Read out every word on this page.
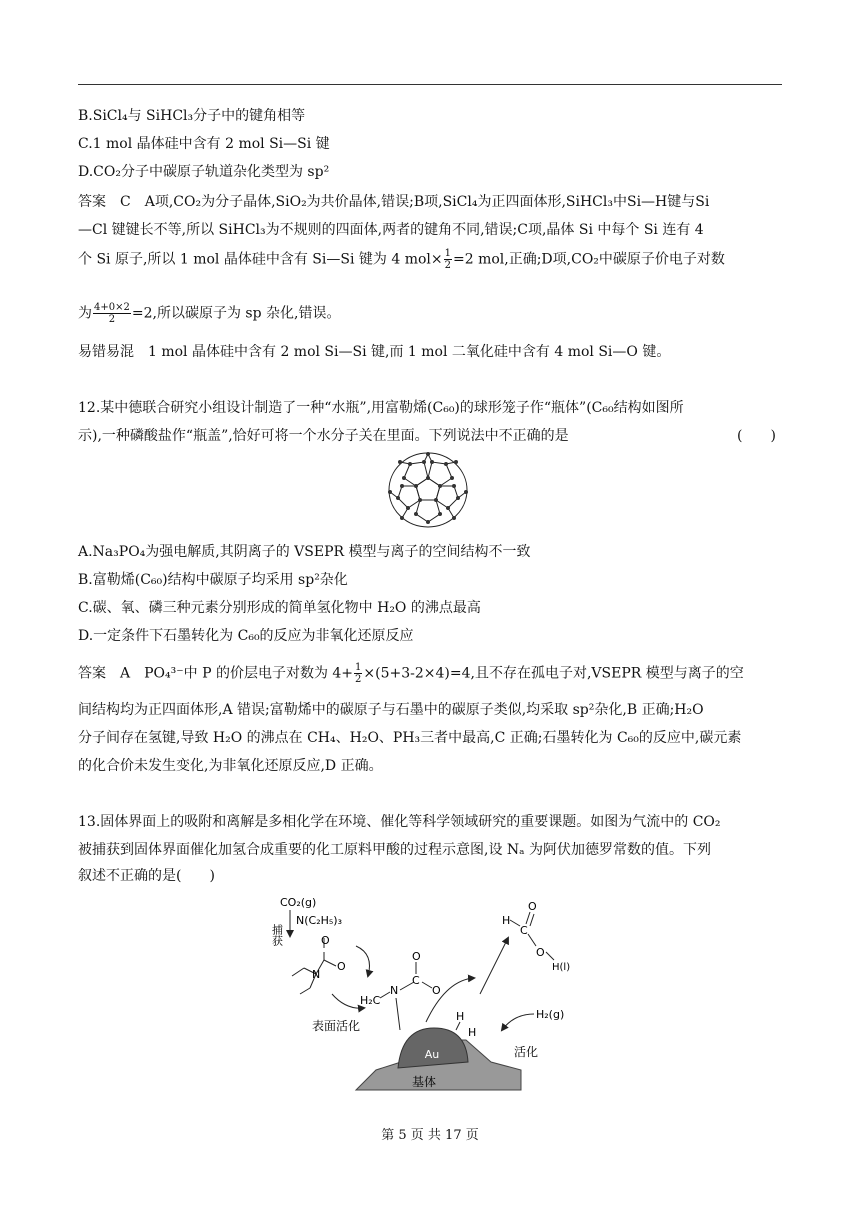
B.SiCl₄与 SiHCl₃分子中的键角相等
C.1 mol 晶体硅中含有 2 mol Si—Si 键
D.CO₂分子中碳原子轨道杂化类型为 sp²
答案　C　A项,CO₂为分子晶体,SiO₂为共价晶体,错误;B项,SiCl₄为正四面体形,SiHCl₃中Si—H键与Si
—Cl 键键长不等,所以 SiHCl₃为不规则的四面体,两者的键角不同,错误;C项,晶体 Si 中每个 Si 连有 4
个 Si 原子,所以 1 mol 晶体硅中含有 Si—Si 键为 4 $mol\times \frac{1}{2} =2$ mol,正确;D项,CO₂中碳原子价电子对数
为 $\frac{4+0\times 2}{2} =2$,所以碳原子为 sp 杂化,错误。
易错易混　1 mol 晶体硅中含有 2 mol Si—Si 键,而 1 mol 二氧化硅中含有 4 mol Si—O 键。
12.某中德联合研究小组设计制造了一种“水瓶”,用富勒烯(C₆₀)的球形笼子作“瓶体”(C₆₀结构如图所
示),一种磷酸盐作“瓶盖”,恰好可将一个水分子关在里面。下列说法中不正确的是	(　　)
A.Na₃PO₄为强电解质,其阴离子的 VSEPR 模型与离子的空间结构不一致
B.富勒烯(C₆₀)结构中碳原子均采用 sp²杂化
C.碳、氧、磷三种元素分别形成的简单氢化物中 H₂O 的沸点最高
D.一定条件下石墨转化为 C₆₀的反应为非氧化还原反应
答案　A　PO₄³⁻中 P 的价层电子对数为 $4+ \frac{1}{2} \times(5+3-2\times 4)=4$,且不存在孤电子对,VSEPR 模型与离子的空
间结构均为正四面体形,A 错误;富勒烯中的碳原子与石墨中的碳原子类似,均采取 sp²杂化,B 正确;H₂O
分子间存在氢键,导致 H₂O 的沸点在 CH₄、H₂O、PH₃三者中最高,C 正确;石墨转化为 C₆₀的反应中,碳元素
的化合价未发生变化,为非氧化还原反应,D 正确。
13.固体界面上的吸附和离解是多相化学在环境、催化等科学领域研究的重要课题。如图为气流中的 CO₂
被捕获到固体界面催化加氢合成重要的化工原料甲酸的过程示意图,设 Nₐ 为阿伏加德罗常数的值。下列
叙述不正确的是(　　)
基体
Au
CO₂(g)
捕获
N(C₂H₅)₃
O
O
N
表面活化
H₂C
N
C
O
O
H
H
H₂(g)
活化
H
C
O
O
H(l)
第 5 页 共 17 页
